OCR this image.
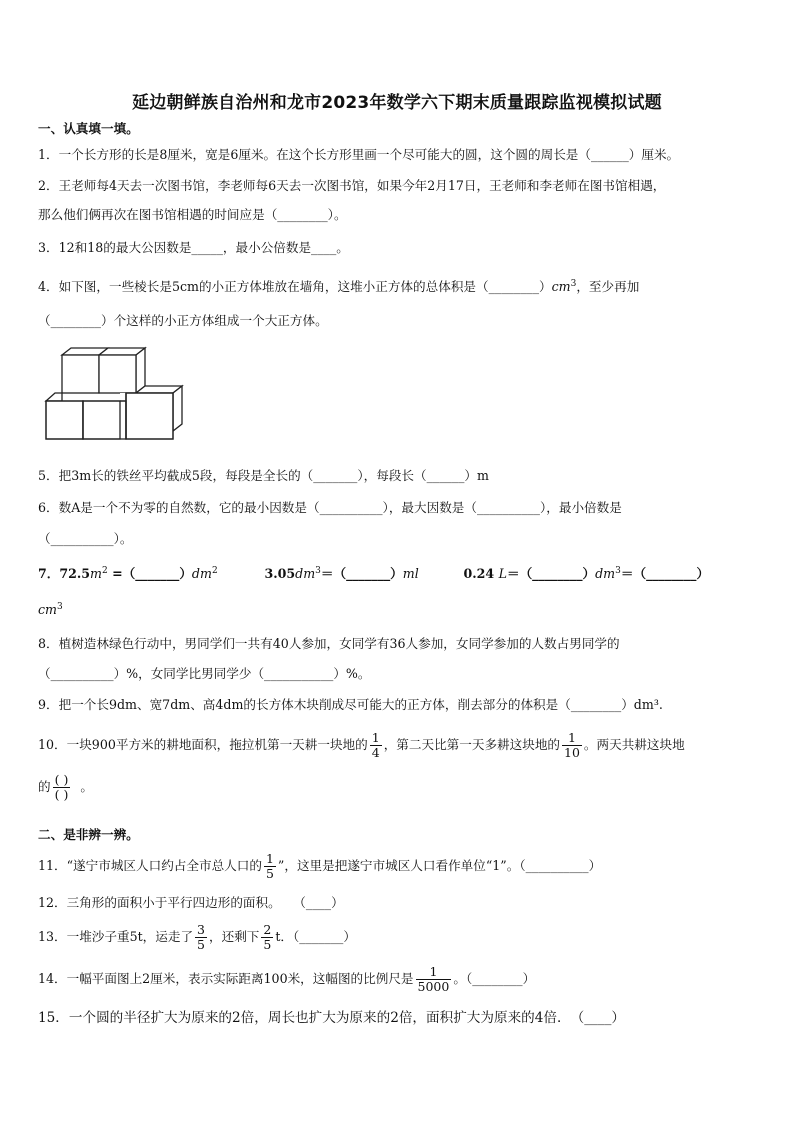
延边朝鲜族自治州和龙市2023年数学六下期末质量跟踪监视模拟试题
一、认真填一填。
1．一个长方形的长是8厘米，宽是6厘米。在这个长方形里画一个尽可能大的圆，这个圆的周长是（______）厘米。
2．王老师每4天去一次图书馆，李老师每6天去一次图书馆，如果今年2月17日，王老师和李老师在图书馆相遇，
那么他们俩再次在图书馆相遇的时间应是（________）。
3．12和18的最大公因数是_____，最小公倍数是____。
4．如下图，一些棱长是5cm的小正方体堆放在墙角，这堆小正方体的总体积是$(\_\_\_\_\_\_\_\_)cm^3$，至少再加
（________）个这样的小正方体组成一个大正方体。
5．把3m长的铁丝平均截成5段，每段是全长的（_______），每段长（______）m
6．数A是一个不为零的自然数，它的最小因数是（__________），最大因数是（__________），最小倍数是
（__________）。
7．$72.5m^2$ $=(\_\_\_\_\_\_\_)dm^2$	$3.05dm^3=(\_\_\_\_\_\_\_)ml$	0.24 $L=(\_\_\_\_\_\_\_\_)dm^3=(\_\_\_\_\_\_\_\_)$
$cm^3$
8．植树造林绿色行动中，男同学们一共有40人参加，女同学有36人参加，女同学参加的人数占男同学的
（__________）%，女同学比男同学少（___________）%。
9．把一个长9dm、宽7dm、高4dm的长方体木块削成尽可能大的正方体，削去部分的体积是（________）dm³.
10．一块900平方米的耕地面积，拖拉机第一天耕一块地的 $\frac{1}{4}$ ，第二天比第一天多耕这块地的 $\frac{1}{10}$ 。两天共耕这块地
的 $\frac{( )}{( )}$ 。
二、是非辨一辨。
11．“遂宁市城区人口约占全市总人口的 $\frac{1}{5}$ ”，这里是把遂宁市城区人口看作单位“1”。（__________）
12．三角形的面积小于平行四边形的面积。　　（____）
13．一堆沙子重5t，运走了 $\frac{3}{5}$ ，还剩下 $\frac{2}{5}$ t．（_______）
14．一幅平面图上2厘米，表示实际距离100米，这幅图的比例尺是 $\frac{1}{5000}$ 。（________）
15．一个圆的半径扩大为原来的2倍，周长也扩大为原来的2倍，面积扩大为原来的4倍．　（____）
